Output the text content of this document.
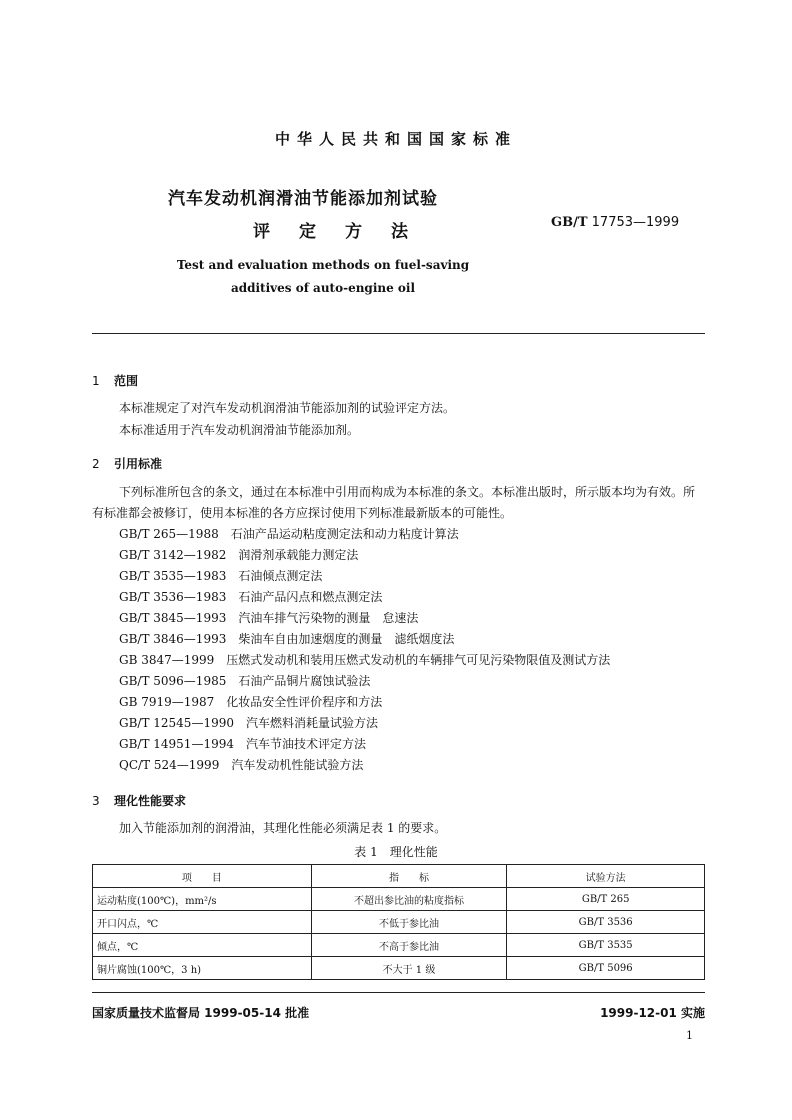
中华人民共和国国家标准
汽车发动机润滑油节能添加剂试验
评定方法	GB/T 17753—1999
Test and evaluation methods on fuel-saving
additives of auto-engine oil
1 范围
本标准规定了对汽车发动机润滑油节能添加剂的试验评定方法。
本标准适用于汽车发动机润滑油节能添加剂。
2 引用标准
下列标准所包含的条文，通过在本标准中引用而构成为本标准的条文。本标准出版时，所示版本均为有效。所有标准都会被修订，使用本标准的各方应探讨使用下列标准最新版本的可能性。
GB/T 265—1988 石油产品运动粘度测定法和动力粘度计算法
GB/T 3142—1982 润滑剂承载能力测定法
GB/T 3535—1983 石油倾点测定法
GB/T 3536—1983 石油产品闪点和燃点测定法
GB/T 3845—1993 汽油车排气污染物的测量　怠速法
GB/T 3846—1993 柴油车自由加速烟度的测量　滤纸烟度法
GB 3847—1999 压燃式发动机和装用压燃式发动机的车辆排气可见污染物限值及测试方法
GB/T 5096—1985 石油产品铜片腐蚀试验法
GB 7919—1987 化妆品安全性评价程序和方法
GB/T 12545—1990 汽车燃料消耗量试验方法
GB/T 14951—1994 汽车节油技术评定方法
QC/T 524—1999 汽车发动机性能试验方法
3 理化性能要求
加入节能添加剂的润滑油，其理化性能必须满足表 1 的要求。
表 1　理化性能
项　　目	指　　标	试验方法
运动粘度(100℃)，mm²/s	不超出参比油的粘度指标	GB/T 265
开口闪点，℃	不低于参比油	GB/T 3536
倾点，℃	不高于参比油	GB/T 3535
铜片腐蚀(100℃，3 h)	不大于 1 级	GB/T 5096
国家质量技术监督局 1999-05-14 批准	1999-12-01 实施
1
